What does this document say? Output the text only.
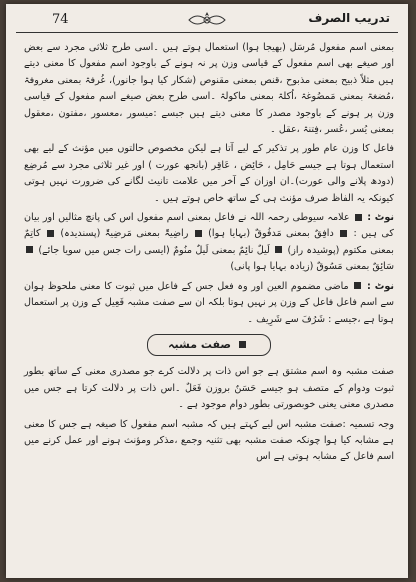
74	تدریب الصرف

بمعنی اسم مفعول مُرسَل (بھیجا ہوا) استعمال ہوتے ہیں ۔اسی طرح ثلاثی مجرد سے بعض اور صیغے بھی اسم مفعول کے قیاسی وزن پر نہ ہونے کے باوجود اسم مفعول کا معنی دیتے ہیں مثلاً ذبیح بمعنی مذبوح ،قنص بمعنی مقنوص (شکار کیا ہوا جانور)، غُرفۃ بمعنی مغروفۃ ،مُضغۃ بمعنی مَمضُوغۃ ،اُکلۃ بمعنی ماکولۃ ۔اسی طرح بعض صیغے اسم مفعول کے قیاسی وزن پر ہونے کے باوجود مصدر کا معنی دیتے ہیں جیسے :میسور ،معسور ،مفتون ،معقول بمعنی یُسر ،عُسر ،فِتنۃ ،عقل ۔

فاعل کا وزن عام طور پر تذکیر کے لیے آتا ہے لیکن مخصوص حالتوں میں مؤنث کے لیے بھی استعمال ہوتا ہے جیسے حَامِل ، حَائِض ، عَاقِر (بانجھ عورت ) اور غیر ثلاثی مجرد سے مُرضِع (دودھ پلانے والی عورت)۔ان اوزان کے آخر میں علامت تانیث لگانے کی ضرورت نہیں ہوتی کیونکہ یہ الفاظ صرف مؤنث ہی کے ساتھ خاص ہوتے ہیں ۔

نوٹ :  علامہ سیوطی رحمہ اللہ نے فاعل بمعنی اسم مفعول اس کی پانچ مثالیں اور بیان کی ہیں :  دافِقٌ بمعنی مَدفُوقٌ (بہایا ہوا)  راضِیۃٌ بمعنی مَرضِیۃٌ (پسندیدہ)  کاتِمٌ بمعنی مکتوم (پوشیدہ راز)  لَیلٌ نائِمٌ بمعنی لَیلٌ منُومٌ (ایسی رات جس میں سویا جائے)  سَائِقٌ بمعنی مَسُوقٌ (زیادہ بہایا ہوا پانی)

نوٹ :  ماضی مضموم العین اور وہ فعل جس کے فاعل میں ثبوت کا معنی ملحوظ ہوان سے اسم فاعل فاعل کے وزن پر نہیں ہوتا بلکہ ان سے صفت مشبہ فَعِیل کے وزن پر استعمال ہوتا ہے ،جیسے : شَرُفَ سے شَرِیف ۔

صفت مشبہ

صفت مشبہ وہ اسم مشتق ہے جو اس ذات پر دلالت کرے جو مصدری معنی کے ساتھ بطور ثبوت ودوام کے متصف ہو جیسے حَسَنٌ بروزن فَعَلٌ ۔اس ذات پر دلالت کرتا ہے جس میں مصدری معنی یعنی خوبصورتی بطور دوام موجود ہے ۔

وجہ تسمیہ :صفت مشبہ اس لیے کہتے ہیں کہ مشبہ اسم مفعول کا صیغہ ہے جس کا معنی ہے مشابہ کیا ہوا چونکہ صفت مشبہ بھی تثنیہ وجمع ،مذکر ومؤنث ہونے اور عمل کرنے میں اسم فاعل کے مشابہ ہوتی ہے اس
